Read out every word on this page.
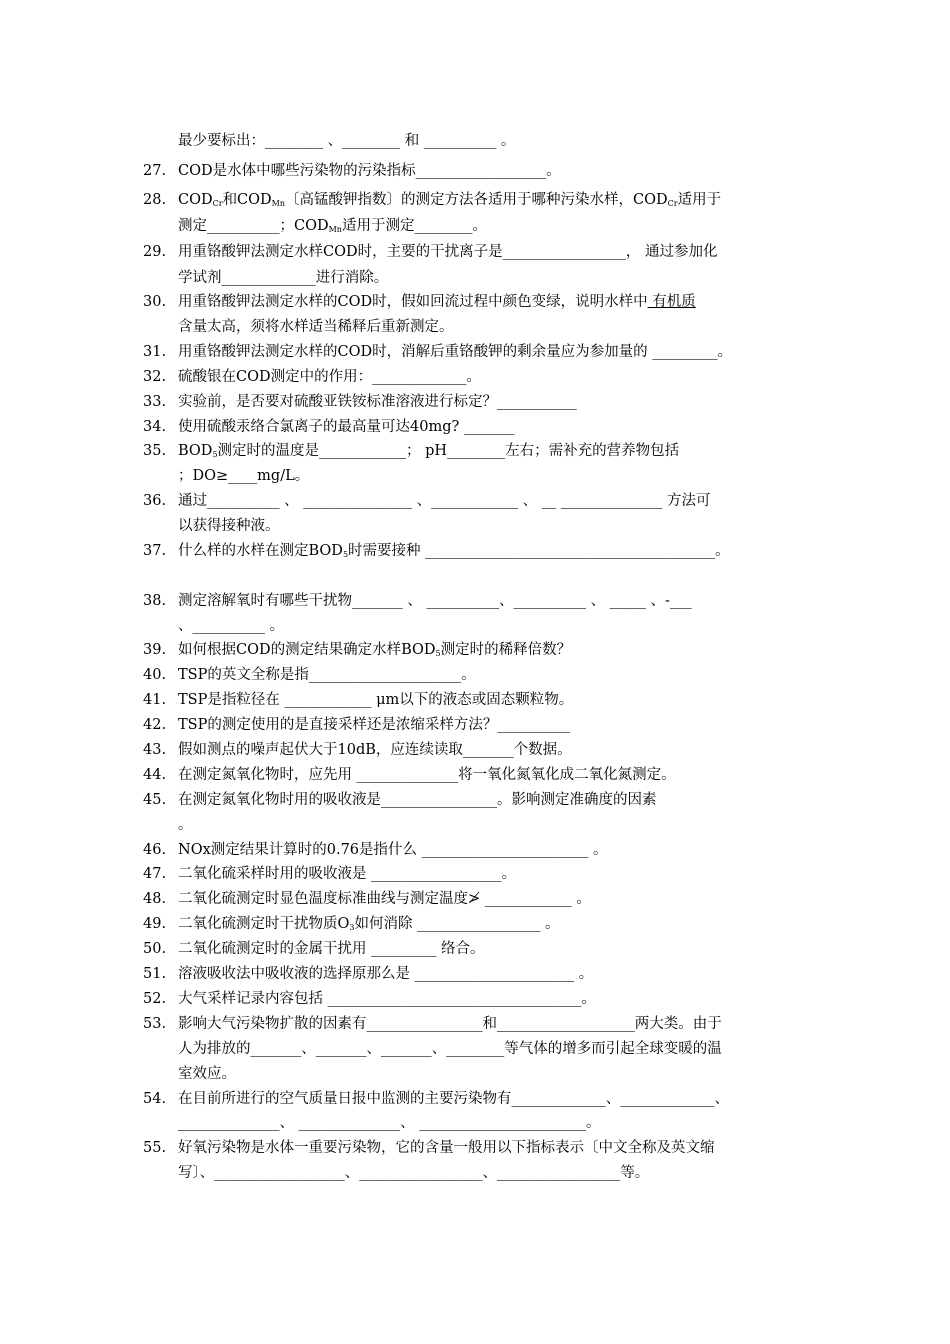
最少要标出：________ 、________ 和 __________ 。
27. COD是水体中哪些污染物的污染指标__________________。
28. $COD_{Cr}$和$COD_{Mn}$〔高锰酸钾指数〕的测定方法各适用于哪种污染水样，$COD_{Cr}$适用于
测定__________；$COD_{Mn}$适用于测定________。
29. 用重铬酸钾法测定水样COD时，主要的干扰离子是_________________， 通过参加化
学试剂_____________进行消除。
30. 用重铬酸钾法测定水样的COD时，假如回流过程中颜色变绿，说明水样中 有机质
含量太高，须将水样适当稀释后重新测定。
31. 用重铬酸钾法测定水样的COD时，消解后重铬酸钾的剩余量应为参加量的 _________。
32. 硫酸银在COD测定中的作用：_____________。
33. 实验前，是否要对硫酸亚铁铵标准溶液进行标定？___________
34. 使用硫酸汞络合氯离子的最高量可达40mg? _______
35. $BOD_5$测定时的温度是____________； pH________左右；需补充的营养物包括
；DO≥____mg/L。
36. 通过__________ 、 _______________ 、____________ 、 __ ______________ 方法可
以获得接种液。
37. 什么样的水样在测定$BOD_5$时需要接种 ________________________________________。
38. 测定溶解氧时有哪些干扰物_______ 、 __________、__________ 、 _____ 、-___
、__________ 。
39. 如何根据COD的测定结果确定水样$BOD_5$测定时的稀释倍数？
40. TSP的英文全称是指_____________________。
41. TSP是指粒径在 ____________ μm以下的液态或固态颗粒物。
42. TSP的测定使用的是直接采样还是浓缩采样方法？__________
43. 假如测点的噪声起伏大于10dB，应连续读取_______个数据。
44. 在测定氮氧化物时，应先用 ______________将一氧化氮氧化成二氧化氮测定。
45. 在测定氮氧化物时用的吸收液是________________。影响测定准确度的因素
。
46. NOx测定结果计算时的0.76是指什么 _______________________ 。
47. 二氧化硫采样时用的吸收液是 __________________。
48. 二氧化硫测定时显色温度标准曲线与测定温度≯ ____________ 。
49. 二氧化硫测定时干扰物质$O_3$如何消除 _________________ 。
50. 二氧化硫测定时的金属干扰用 _________ 络合。
51. 溶液吸收法中吸收液的选择原那么是 ______________________ 。
52. 大气采样记录内容包括 ___________________________________。
53. 影响大气污染物扩散的因素有________________和___________________两大类。由于
人为排放的_______、_______、_______、________等气体的增多而引起全球变暖的温
室效应。
54. 在目前所进行的空气质量日报中监测的主要污染物有_____________、_____________、
______________、 ______________、 _______________________。
55. 好氧污染物是水体一重要污染物，它的含量一般用以下指标表示〔中文全称及英文缩
写〕、__________________、_________________、_________________等。
